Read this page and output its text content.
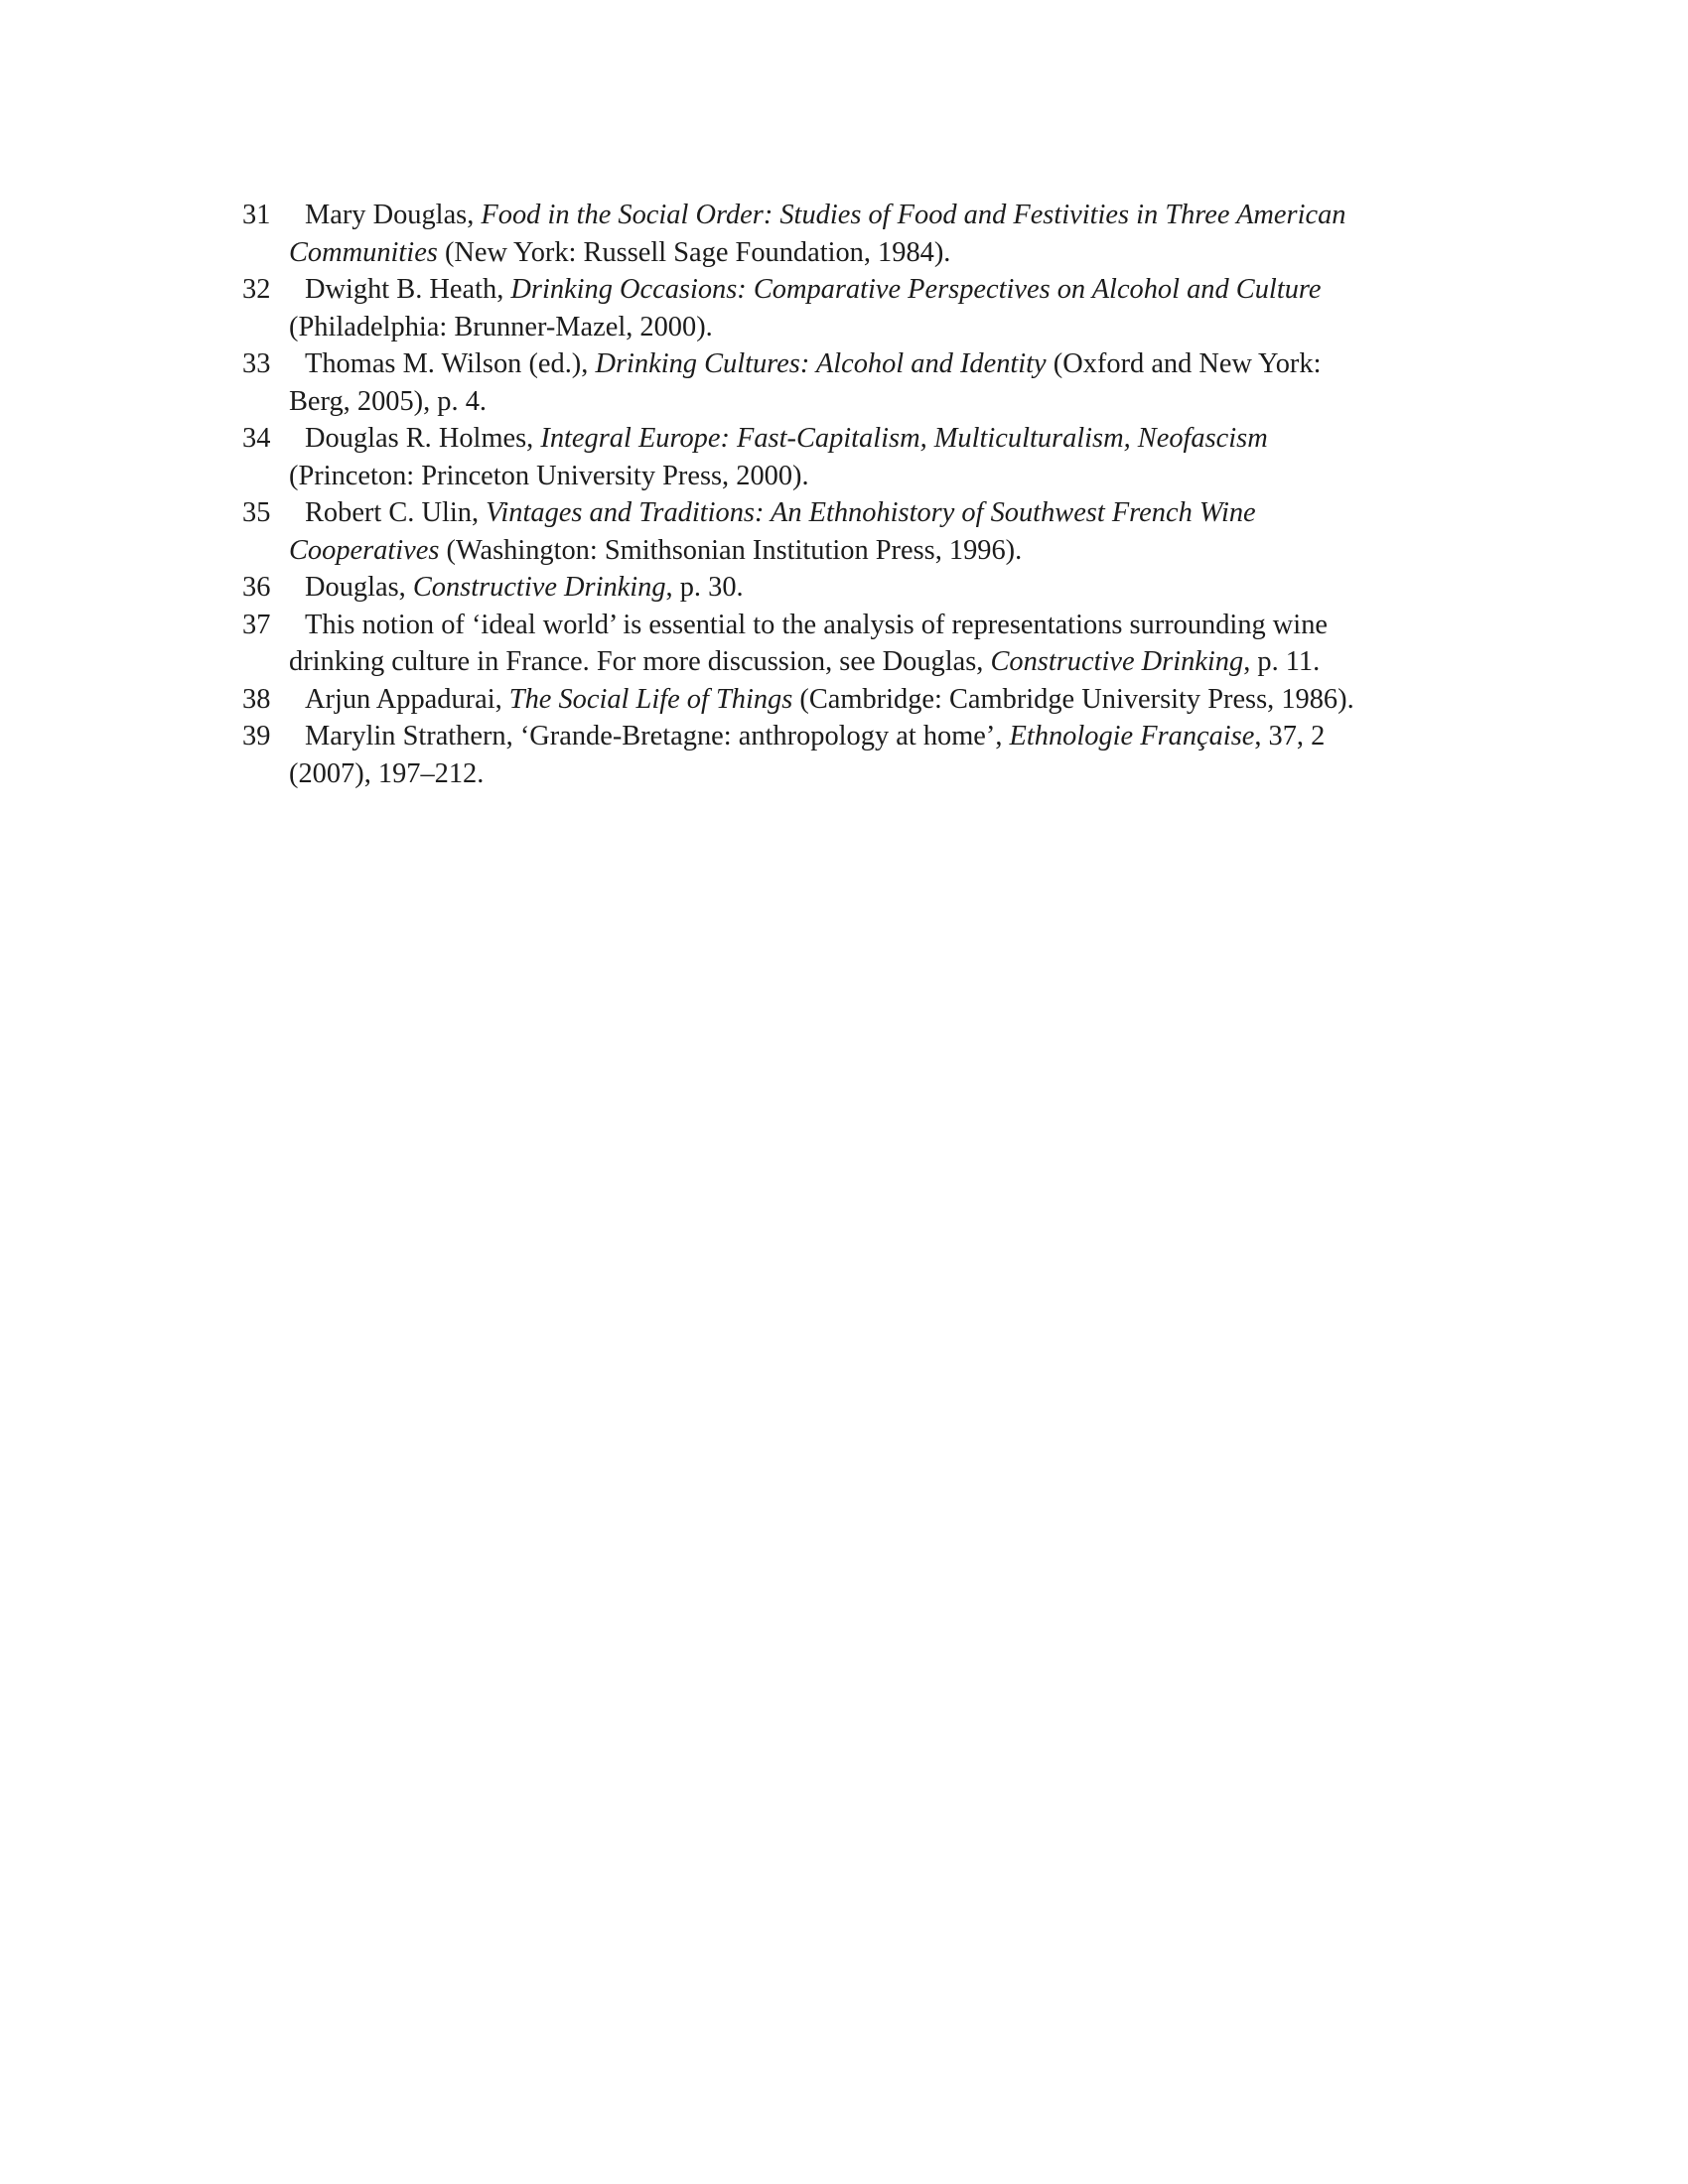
31 Mary Douglas, Food in the Social Order: Studies of Food and Festivities in Three American
Communities (New York: Russell Sage Foundation, 1984).
32 Dwight B. Heath, Drinking Occasions: Comparative Perspectives on Alcohol and Culture
(Philadelphia: Brunner-Mazel, 2000).
33 Thomas M. Wilson (ed.), Drinking Cultures: Alcohol and Identity (Oxford and New York:
Berg, 2005), p. 4.
34 Douglas R. Holmes, Integral Europe: Fast-Capitalism, Multiculturalism, Neofascism
(Princeton: Princeton University Press, 2000).
35 Robert C. Ulin, Vintages and Traditions: An Ethnohistory of Southwest French Wine
Cooperatives (Washington: Smithsonian Institution Press, 1996).
36 Douglas, Constructive Drinking, p. 30.
37 This notion of ‘ideal world’ is essential to the analysis of representations surrounding wine
drinking culture in France. For more discussion, see Douglas, Constructive Drinking, p. 11.
38 Arjun Appadurai, The Social Life of Things (Cambridge: Cambridge University Press, 1986).
39 Marylin Strathern, ‘Grande-Bretagne: anthropology at home’, Ethnologie Française, 37, 2
(2007), 197–212.
